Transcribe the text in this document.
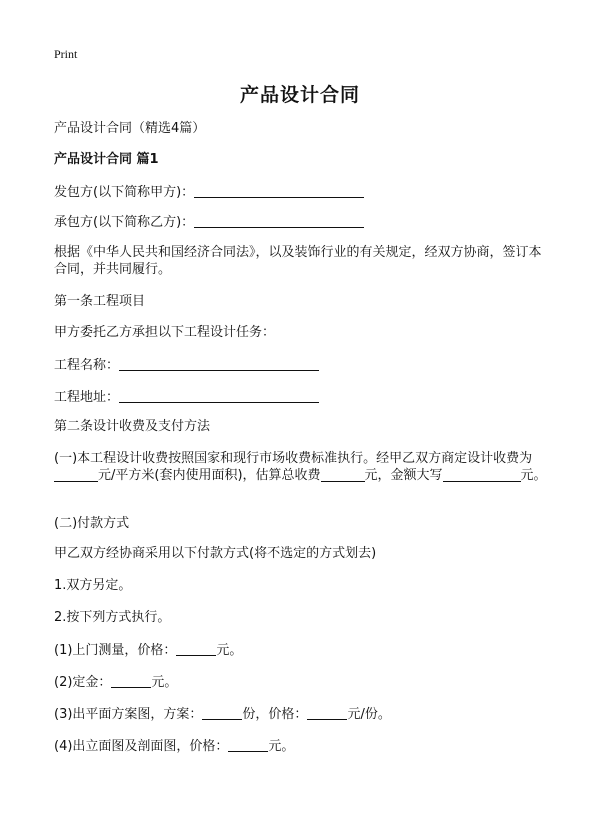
Print
产品设计合同
产品设计合同（精选4篇）
产品设计合同 篇1
发包方(以下简称甲方)：
承包方(以下简称乙方)：
根据《中华人民共和国经济合同法》，以及装饰行业的有关规定，经双方协商，签订本合同，并共同履行。
第一条工程项目
甲方委托乙方承担以下工程设计任务：
工程名称：
工程地址：
第二条设计收费及支付方法
(一)本工程设计收费按照国家和现行市场收费标准执行。经甲乙双方商定设计收费为元/平方米(套内使用面积)，估算总收费	元，金额大写	元。
(二)付款方式
甲乙双方经协商采用以下付款方式(将不选定的方式划去)
1.双方另定。
2.按下列方式执行。
(1)上门测量，价格：	元。
(2)定金：	元。
(3)出平面方案图，方案：	份，价格：	元/份。
(4)出立面图及剖面图，价格：	元。
